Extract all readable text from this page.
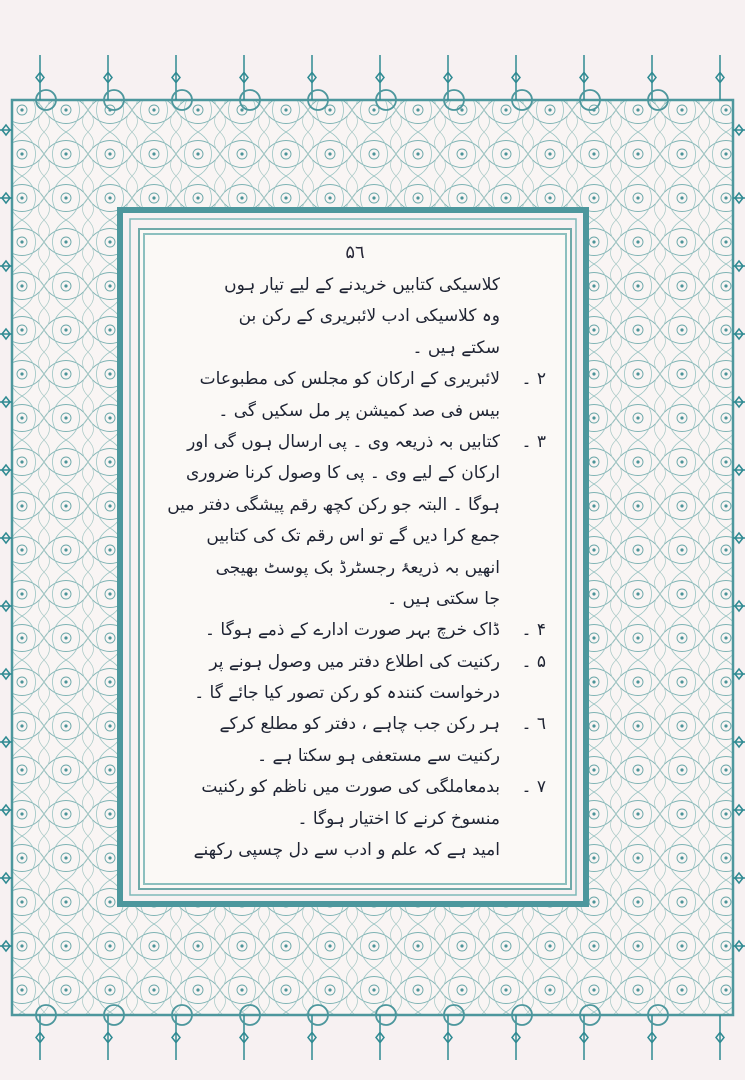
۵٦
کلاسیکی کتابیں خریدنے کے لیے تیار ہوں
وہ کلاسیکی ادب لائبریری کے رکن بن
سکتے ہیں ۔
۲ ۔لائبریری کے ارکان کو مجلس کی مطبوعات
بیس فی صد کمیشن پر مل سکیں گی ۔
۳ ۔کتابیں بہ ذریعہ وی ۔ پی ارسال ہوں گی اور
ارکان کے لیے وی ۔ پی کا وصول کرنا ضروری
ہوگا ۔ البتہ جو رکن کچھ رقم پیشگی دفتر میں
جمع کرا دیں گے تو اس رقم تک کی کتابیں
انھیں بہ ذریعۂ رجسٹرڈ بک پوسٹ بھیجی
جا سکتی ہیں ۔
۴ ۔ڈاک خرچ بہر صورت ادارے کے ذمے ہوگا ۔
۵ ۔رکنیت کی اطلاع دفتر میں وصول ہونے پر
درخواست کنندہ کو رکن تصور کیا جائے گا ۔
٦ ۔ہر رکن جب چاہے ، دفتر کو مطلع کرکے
رکنیت سے مستعفی ہو سکتا ہے ۔
۷ ۔بدمعاملگی کی صورت میں ناظم کو رکنیت
منسوخ کرنے کا اختیار ہوگا ۔
امید ہے کہ علم و ادب سے دل چسپی رکھنے
